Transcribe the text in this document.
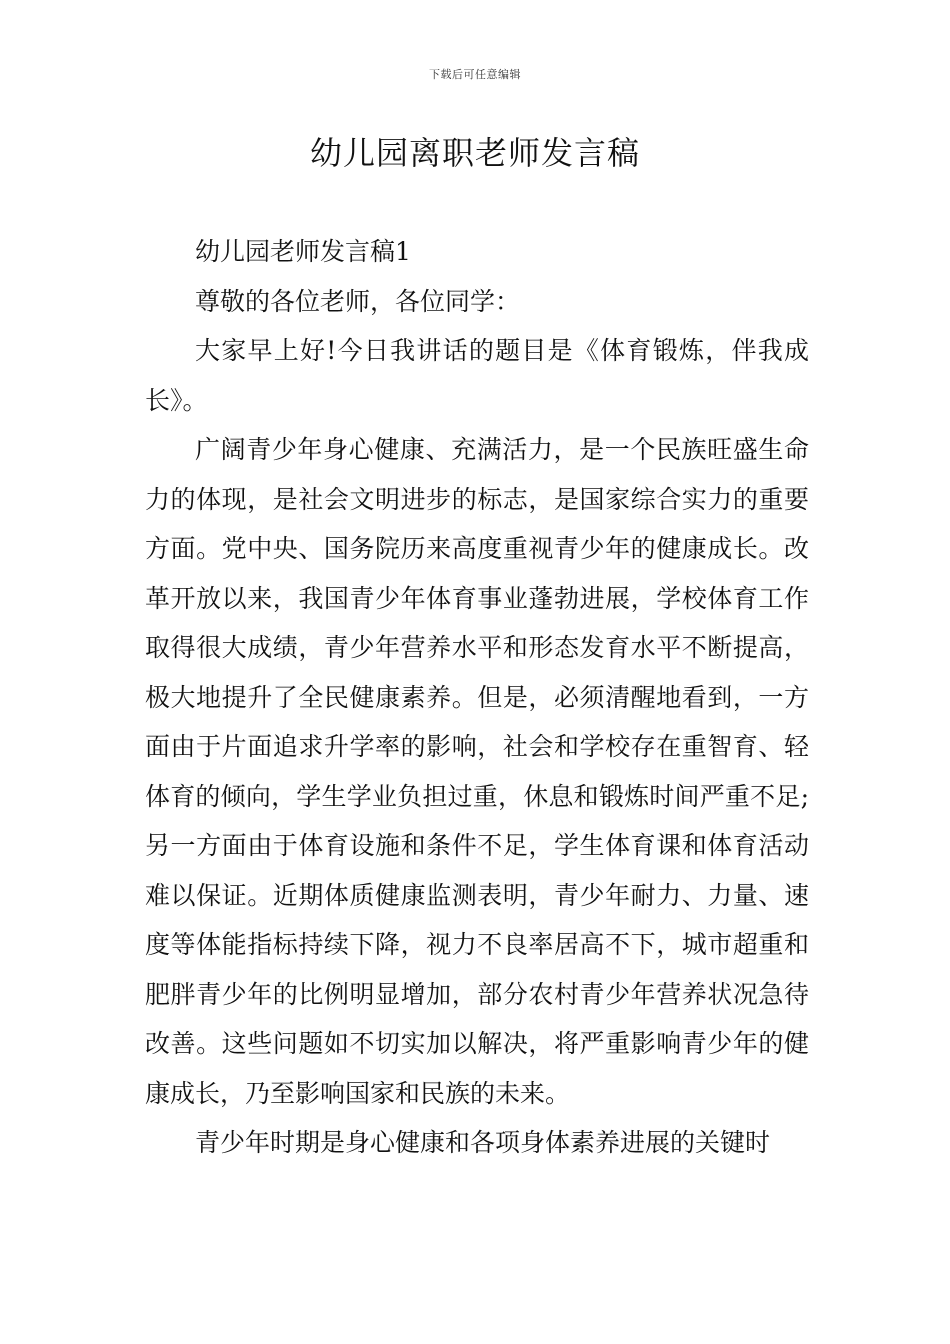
下载后可任意编辑
幼儿园离职老师发言稿

幼儿园老师发言稿1

尊敬的各位老师，各位同学：

大家早上好!今日我讲话的题目是《体育锻炼，伴我成长》。

广阔青少年身心健康、充满活力，是一个民族旺盛生命力的体现，是社会文明进步的标志，是国家综合实力的重要方面。党中央、国务院历来高度重视青少年的健康成长。改革开放以来，我国青少年体育事业蓬勃进展，学校体育工作取得很大成绩，青少年营养水平和形态发育水平不断提高，极大地提升了全民健康素养。但是，必须清醒地看到，一方面由于片面追求升学率的影响，社会和学校存在重智育、轻体育的倾向，学生学业负担过重，休息和锻炼时间严重不足;另一方面由于体育设施和条件不足，学生体育课和体育活动难以保证。近期体质健康监测表明，青少年耐力、力量、速度等体能指标持续下降，视力不良率居高不下，城市超重和肥胖青少年的比例明显增加，部分农村青少年营养状况急待改善。这些问题如不切实加以解决，将严重影响青少年的健康成长，乃至影响国家和民族的未来。

青少年时期是身心健康和各项身体素养进展的关键时
